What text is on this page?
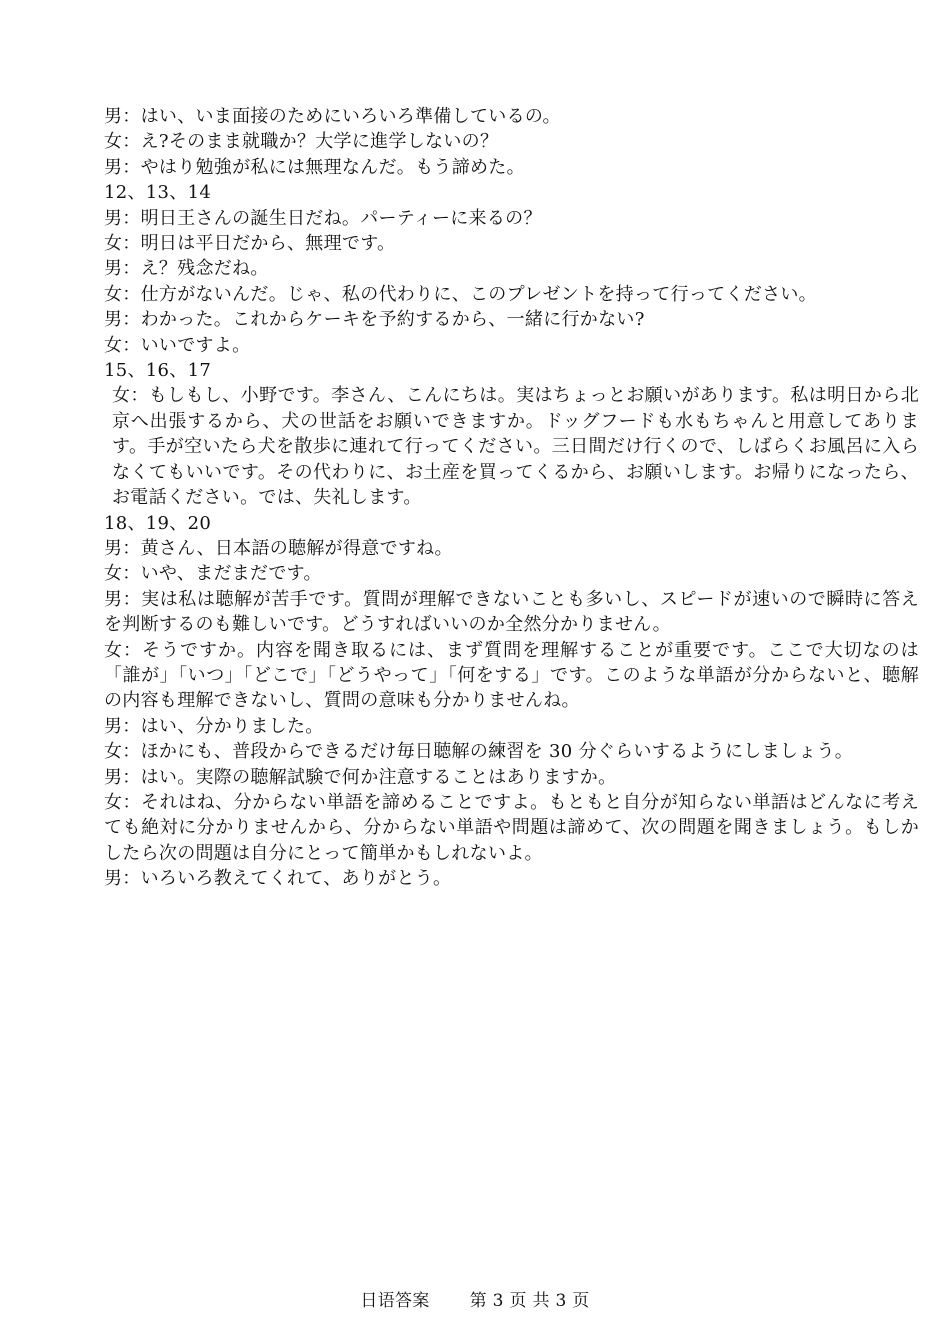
男：はい、いま面接のためにいろいろ準備しているの。
女：え?そのまま就職か？大学に進学しないの？
男：やはり勉強が私には無理なんだ。もう諦めた。
12、13、14
男：明日王さんの誕生日だね。パーティーに来るの？
女：明日は平日だから、無理です。
男：え？残念だね。
女：仕方がないんだ。じゃ、私の代わりに、このプレゼントを持って行ってください。
男：わかった。これからケーキを予約するから、一緒に行かない?
女：いいですよ。
15、16、17
女：もしもし、小野です。李さん、こんにちは。実はちょっとお願いがあります。私は明日から北京へ出張するから、犬の世話をお願いできますか。ドッグフードも水もちゃんと用意してあります。手が空いたら犬を散歩に連れて行ってください。三日間だけ行くので、しばらくお風呂に入らなくてもいいです。その代わりに、お土産を買ってくるから、お願いします。お帰りになったら、お電話ください。では、失礼します。
18、19、20
男：黄さん、日本語の聴解が得意ですね。
女：いや、まだまだです。
男：実は私は聴解が苦手です。質問が理解できないことも多いし、スピードが速いので瞬時に答えを判断するのも難しいです。どうすればいいのか全然分かりません。
女：そうですか。内容を聞き取るには、まず質問を理解することが重要です。ここで大切なのは「誰が」「いつ」「どこで」「どうやって」「何をする」です。このような単語が分からないと、聴解の内容も理解できないし、質問の意味も分かりませんね。
男：はい、分かりました。
女：ほかにも、普段からできるだけ毎日聴解の練習を 30 分ぐらいするようにしましょう。
男：はい。実際の聴解試験で何か注意することはありますか。
女：それはね、分からない単語を諦めることですよ。もともと自分が知らない単語はどんなに考えても絶対に分かりませんから、分からない単語や問題は諦めて、次の問題を聞きましょう。もしかしたら次の問題は自分にとって簡単かもしれないよ。
男：いろいろ教えてくれて、ありがとう。
日语答案 第 3 页 共 3 页
